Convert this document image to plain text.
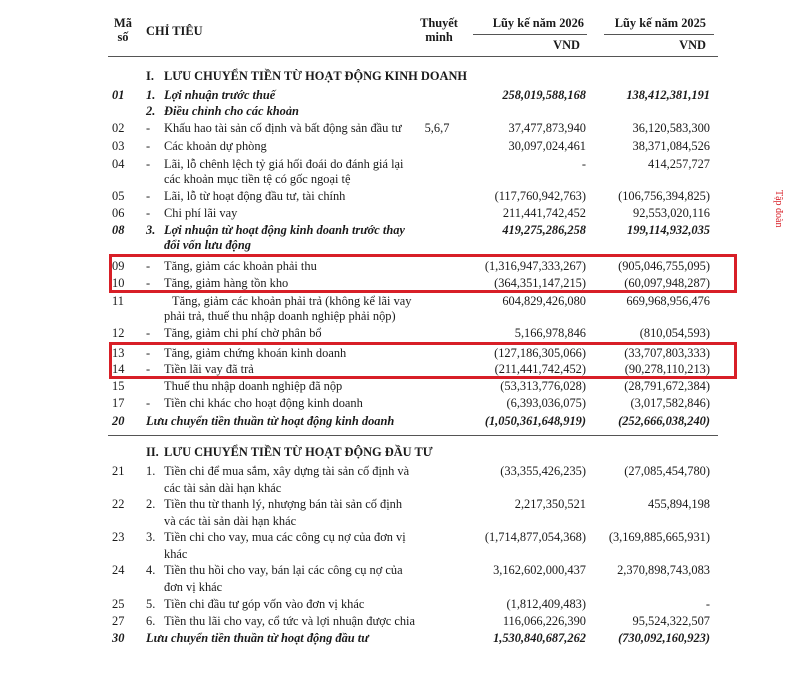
Mã
số	CHỈ TIÊU
Thuyết
minh
Lũy kế năm 2026 Lũy kế năm 2025
VND	VND
I. LƯU CHUYỂN TIỀN TỪ HOẠT ĐỘNG KINH DOANH
01	1. Lợi nhuận trước thuế	258,019,588,168	138,412,381,191
2. Điều chỉnh cho các khoản
02	- Khấu hao tài sản cố định và bất động sản đầu tư	5,6,7	37,477,873,940	36,120,583,300
03	- Các khoản dự phòng	30,097,024,461	38,371,084,526
04	- Lãi, lỗ chênh lệch tỷ giá hối đoái do đánh giá lại
các khoản mục tiền tệ có gốc ngoại tệ
-	414,257,727
05	- Lãi, lỗ từ hoạt động đầu tư, tài chính	(117,760,942,763)	(106,756,394,825)
06	- Chi phí lãi vay	211,441,742,452	92,553,020,116
08	3. Lợi nhuận từ hoạt động kinh doanh trước thay
đổi vốn lưu động
419,275,286,258	199,114,932,035
09	- Tăng, giảm các khoản phải thu	(1,316,947,333,267)	(905,046,755,095)
10	- Tăng, giảm hàng tồn kho	(364,351,147,215)	(60,097,948,287)
11	Tăng, giảm các khoản phải trả (không kể lãi vay
phải trả, thuế thu nhập doanh nghiệp phải nộp)
604,829,426,080	669,968,956,476
12	- Tăng, giảm chi phí chờ phân bổ	5,166,978,846	(810,054,593)
13	- Tăng, giảm chứng khoán kinh doanh	(127,186,305,066)	(33,707,803,333)
14	- Tiền lãi vay đã trả	(211,441,742,452)	(90,278,110,213)
15	Thuế thu nhập doanh nghiệp đã nộp	(53,313,776,028)	(28,791,672,384)
17	- Tiền chi khác cho hoạt động kinh doanh	(6,393,036,075)	(3,017,582,846)
20	Lưu chuyển tiền thuần từ hoạt động kinh doanh	(1,050,361,648,919)	(252,666,038,240)
II. LƯU CHUYỂN TIỀN TỪ HOẠT ĐỘNG ĐẦU TƯ
21	1. Tiền chi để mua sắm, xây dựng tài sản cố định và
các tài sản dài hạn khác
(33,355,426,235)	(27,085,454,780)
22	2. Tiền thu từ thanh lý, nhượng bán tài sản cố định
và các tài sản dài hạn khác
2,217,350,521	455,894,198
23	3. Tiền chi cho vay, mua các công cụ nợ của đơn vị
khác
(1,714,877,054,368) (3,169,885,665,931)
24	4. Tiền thu hồi cho vay, bán lại các công cụ nợ của
đơn vị khác
3,162,602,000,437	2,370,898,743,083
25	5. Tiền chi đầu tư góp vốn vào đơn vị khác	(1,812,409,483)	-
27	6. Tiền thu lãi cho vay, cổ tức và lợi nhuận được chia	116,066,226,390	95,524,322,507
30	Lưu chuyển tiền thuần từ hoạt động đầu tư	1,530,840,687,262	(730,092,160,923)
Tập đoàn
